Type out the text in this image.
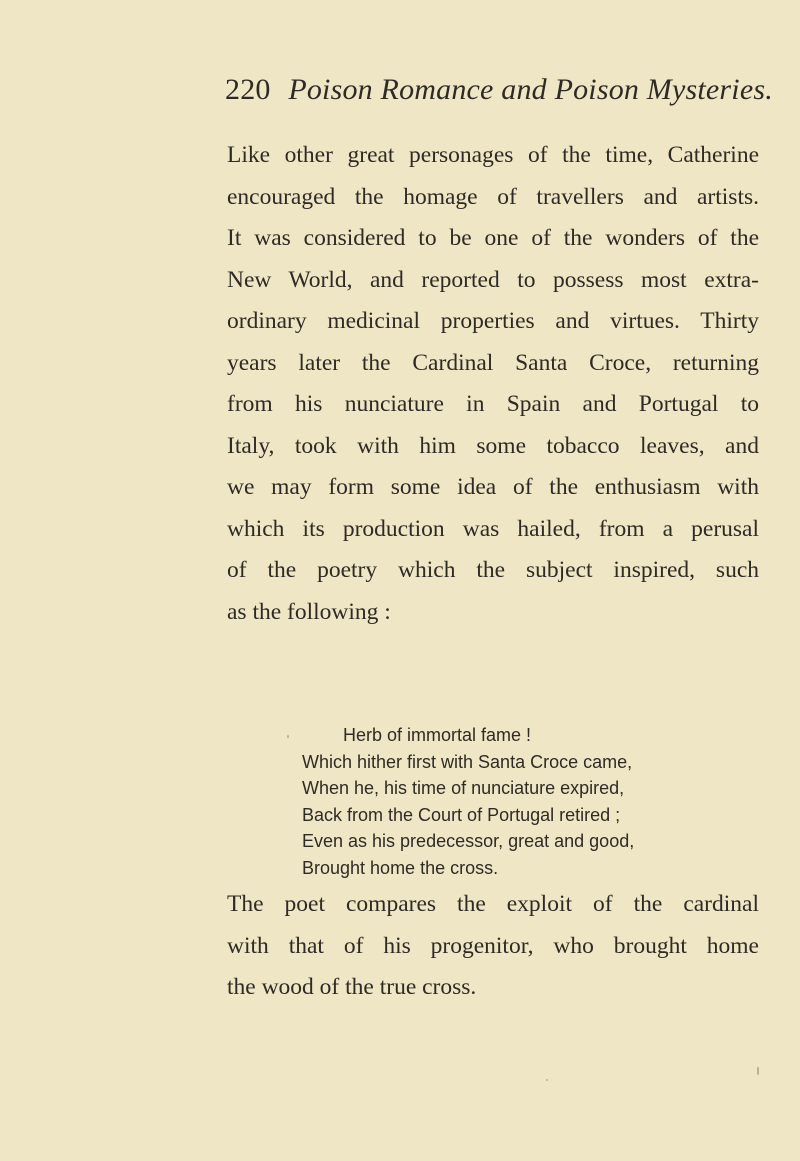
220 Poison Romance and Poison Mysteries.
Like other great personages of the time, Catherine
encouraged the homage of travellers and artists.
It was considered to be one of the wonders of the
New World, and reported to possess most extra-
ordinary medicinal properties and virtues. Thirty
years later the Cardinal Santa Croce, returning
from his nunciature in Spain and Portugal to
Italy, took with him some tobacco leaves, and
we may form some idea of the enthusiasm with
which its production was hailed, from a perusal
of the poetry which the subject inspired, such
as the following :
Herb of immortal fame !
Which hither first with Santa Croce came,
When he, his time of nunciature expired,
Back from the Court of Portugal retired ;
Even as his predecessor, great and good,
Brought home the cross.
The poet compares the exploit of the cardinal
with that of his progenitor, who brought home
the wood of the true cross.
